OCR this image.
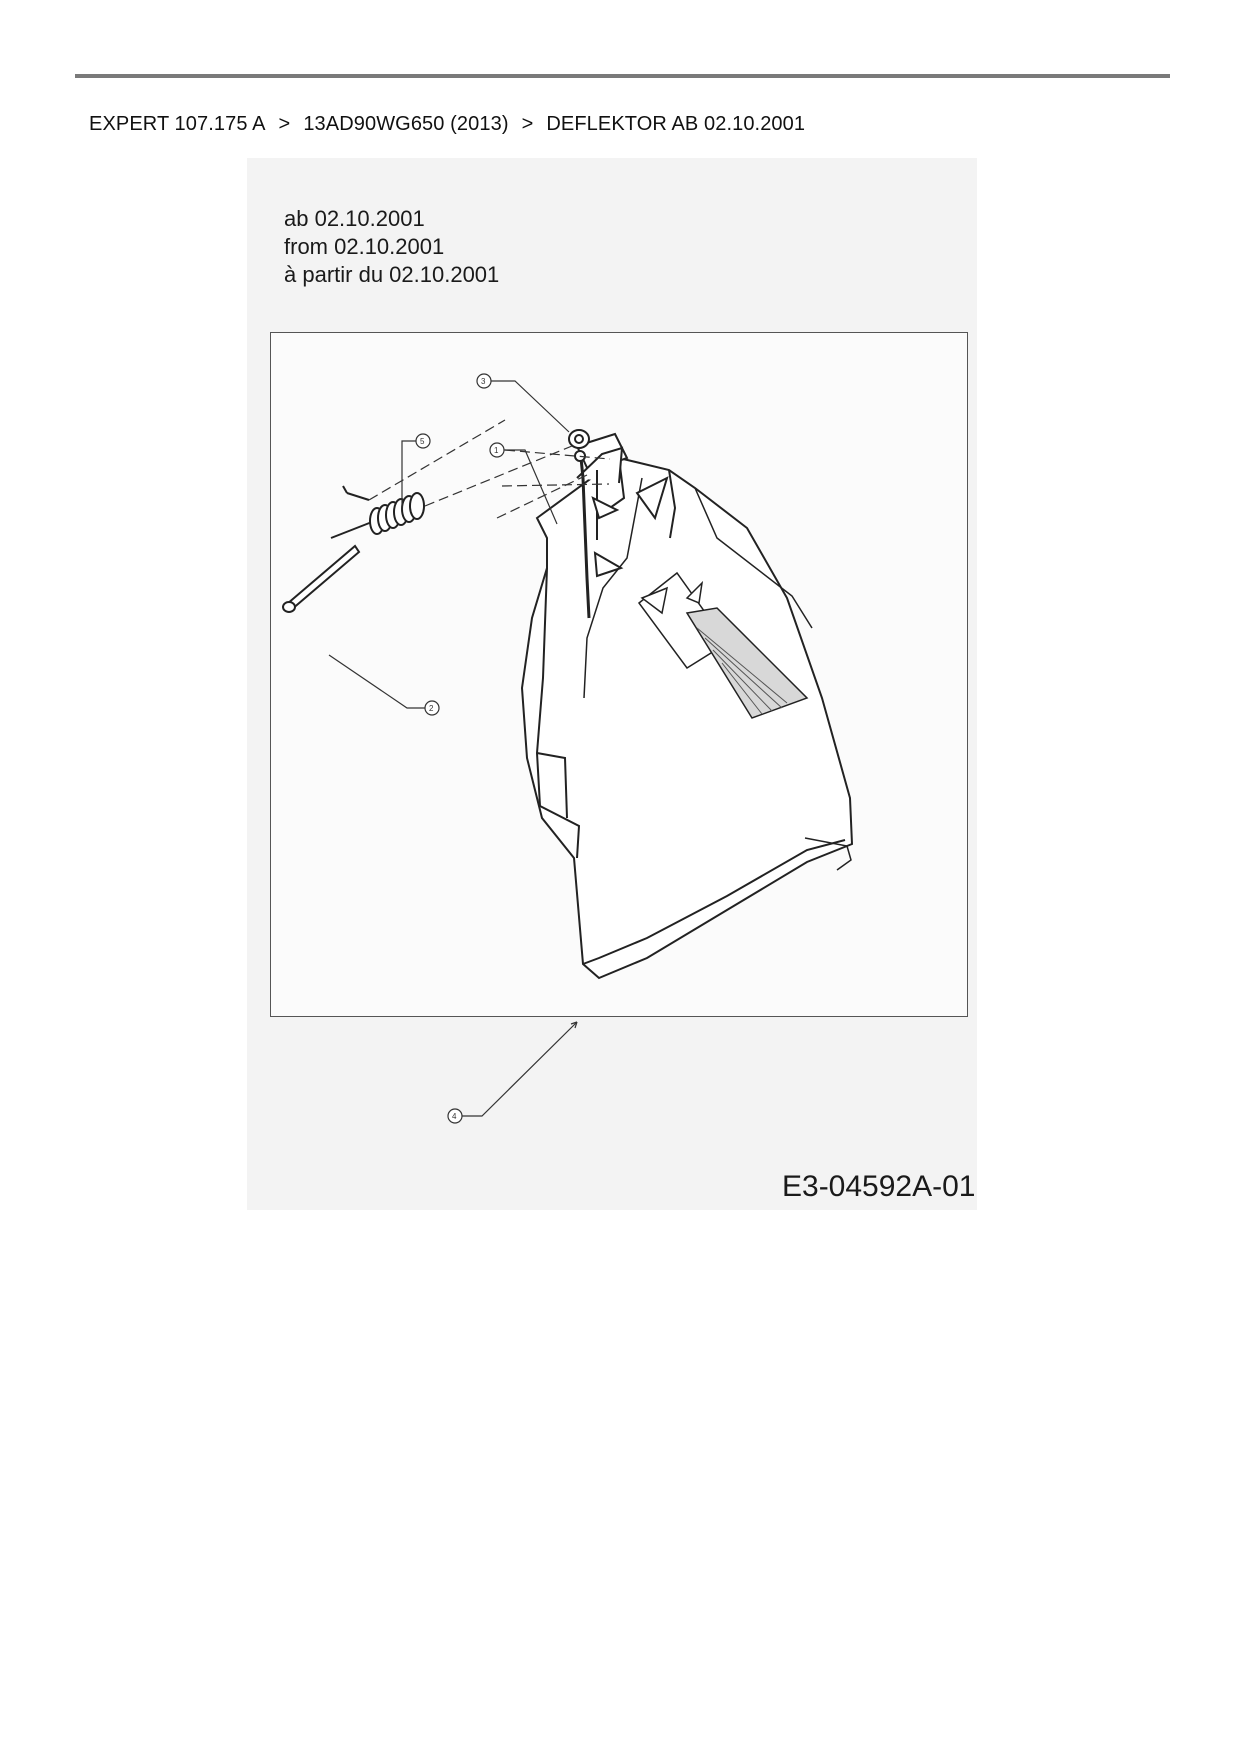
EXPERT 107.175 A > 13AD90WG650 (2013) > DEFLEKTOR AB 02.10.2001
ab 02.10.2001
from 02.10.2001
à partir du 02.10.2001
3
1
5
2
4
E3-04592A-01
